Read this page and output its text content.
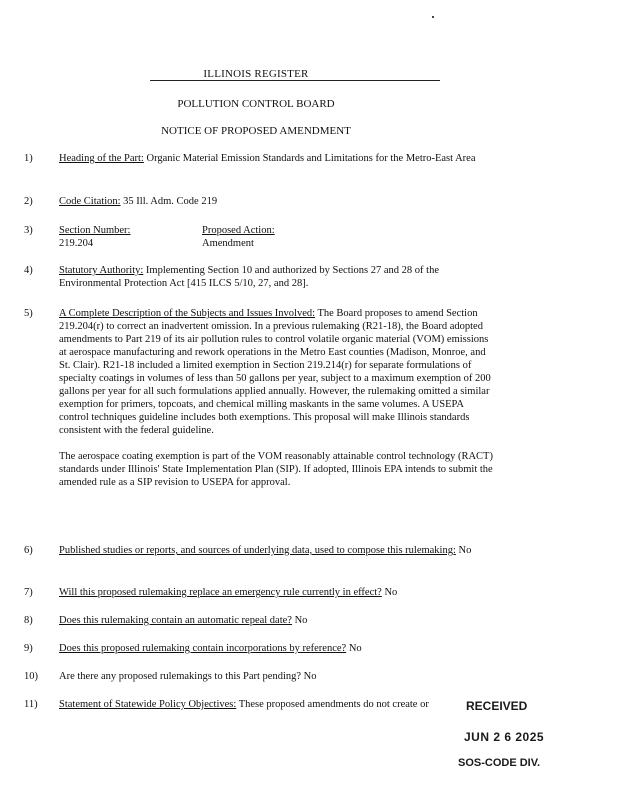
ILLINOIS REGISTER
POLLUTION CONTROL BOARD
NOTICE OF PROPOSED AMENDMENT
1)	Heading of the Part: Organic Material Emission Standards and Limitations for the Metro-East Area
2)	Code Citation: 35 Ill. Adm. Code 219
3)	Section Number:
219.204
Proposed Action:
Amendment
4)	Statutory Authority: Implementing Section 10 and authorized by Sections 27 and 28 of the Environmental Protection Act [415 ILCS 5/10, 27, and 28].
5)	A Complete Description of the Subjects and Issues Involved: The Board proposes to amend Section 219.204(r) to correct an inadvertent omission. In a previous rulemaking (R21-18), the Board adopted amendments to Part 219 of its air pollution rules to control volatile organic material (VOM) emissions at aerospace manufacturing and rework operations in the Metro East counties (Madison, Monroe, and St. Clair). R21-18 included a limited exemption in Section 219.214(r) for separate formulations of specialty coatings in volumes of less than 50 gallons per year, subject to a maximum exemption of 200 gallons per year for all such formulations applied annually. However, the rulemaking omitted a similar exemption for primers, topcoats, and chemical milling maskants in the same volumes. A USEPA control techniques guideline includes both exemptions. This proposal will make Illinois standards consistent with the federal guideline.
The aerospace coating exemption is part of the VOM reasonably attainable control technology (RACT) standards under Illinois' State Implementation Plan (SIP). If adopted, Illinois EPA intends to submit the amended rule as a SIP revision to USEPA for approval.
6)	Published studies or reports, and sources of underlying data, used to compose this rulemaking: No
7)	Will this proposed rulemaking replace an emergency rule currently in effect? No
8)	Does this rulemaking contain an automatic repeal date? No
9)	Does this proposed rulemaking contain incorporations by reference? No
10)	Are there any proposed rulemakings to this Part pending? No
11)	Statement of Statewide Policy Objectives: These proposed amendments do not create or	RECEIVED
JUN 2 6 2025
SOS-CODE DIV.
